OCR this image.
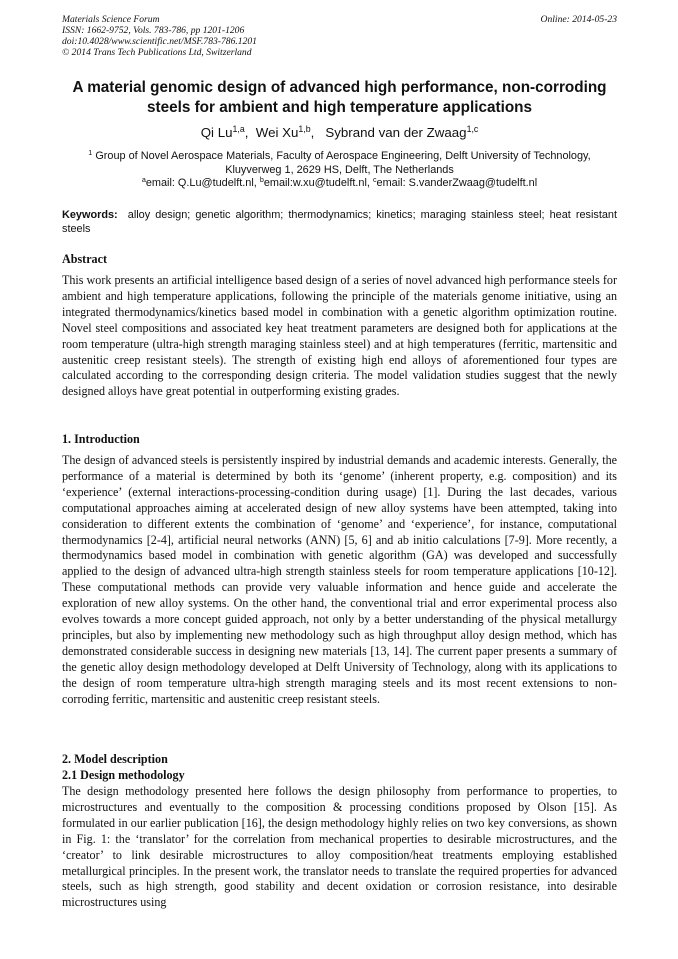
Materials Science Forum
ISSN: 1662-9752, Vols. 783-786, pp 1201-1206
doi:10.4028/www.scientific.net/MSF.783-786.1201
© 2014 Trans Tech Publications Ltd, Switzerland
Online: 2014-05-23
A material genomic design of advanced high performance, non-corroding steels for ambient and high temperature applications
Qi Lu$^{1,a}$,  Wei Xu$^{1,b}$,   Sybrand van der Zwaag$^{1,c}$
$^1$ Group of Novel Aerospace Materials, Faculty of Aerospace Engineering, Delft University of Technology, Kluyverweg 1, 2629 HS, Delft, The Netherlands
$^a$email: Q.Lu@tudelft.nl, $^b$email:w.xu@tudelft.nl, $^c$email: S.vanderZwaag@tudelft.nl
Keywords: alloy design; genetic algorithm; thermodynamics; kinetics; maraging stainless steel; heat resistant steels
Abstract
This work presents an artificial intelligence based design of a series of novel advanced high performance steels for ambient and high temperature applications, following the principle of the materials genome initiative, using an integrated thermodynamics/kinetics based model in combination with a genetic algorithm optimization routine. Novel steel compositions and associated key heat treatment parameters are designed both for applications at the room temperature (ultra-high strength maraging stainless steel) and at high temperatures (ferritic, martensitic and austenitic creep resistant steels). The strength of existing high end alloys of aforementioned four types are calculated according to the corresponding design criteria. The model validation studies suggest that the newly designed alloys have great potential in outperforming existing grades.
1. Introduction
The design of advanced steels is persistently inspired by industrial demands and academic interests. Generally, the performance of a material is determined by both its ‘genome’ (inherent property, e.g. composition) and its ‘experience’ (external interactions-processing-condition during usage) [1]. During the last decades, various computational approaches aiming at accelerated design of new alloy systems have been attempted, taking into consideration to different extents the combination of ‘genome’ and ‘experience’, for instance, computational thermodynamics [2-4], artificial neural networks (ANN) [5, 6] and ab initio calculations [7-9]. More recently, a thermodynamics based model in combination with genetic algorithm (GA) was developed and successfully applied to the design of advanced ultra-high strength stainless steels for room temperature applications [10-12]. These computational methods can provide very valuable information and hence guide and accelerate the exploration of new alloy systems. On the other hand, the conventional trial and error experimental process also evolves towards a more concept guided approach, not only by a better understanding of the physical metallurgy principles, but also by implementing new methodology such as high throughput alloy design method, which has demonstrated considerable success in designing new materials [13, 14]. The current paper presents a summary of the genetic alloy design methodology developed at Delft University of Technology, along with its applications to the design of room temperature ultra-high strength maraging steels and its most recent extensions to non-corroding ferritic, martensitic and austenitic creep resistant steels.
2. Model description
2.1 Design methodology
The design methodology presented here follows the design philosophy from performance to properties, to microstructures and eventually to the composition & processing conditions proposed by Olson [15]. As formulated in our earlier publication [16], the design methodology highly relies on two key conversions, as shown in Fig. 1: the ‘translator’ for the correlation from mechanical properties to desirable microstructures, and the ‘creator’ to link desirable microstructures to alloy composition/heat treatments employing established metallurgical principles. In the present work, the translator needs to translate the required properties for advanced steels, such as high strength, good stability and decent oxidation or corrosion resistance, into desirable microstructures using
